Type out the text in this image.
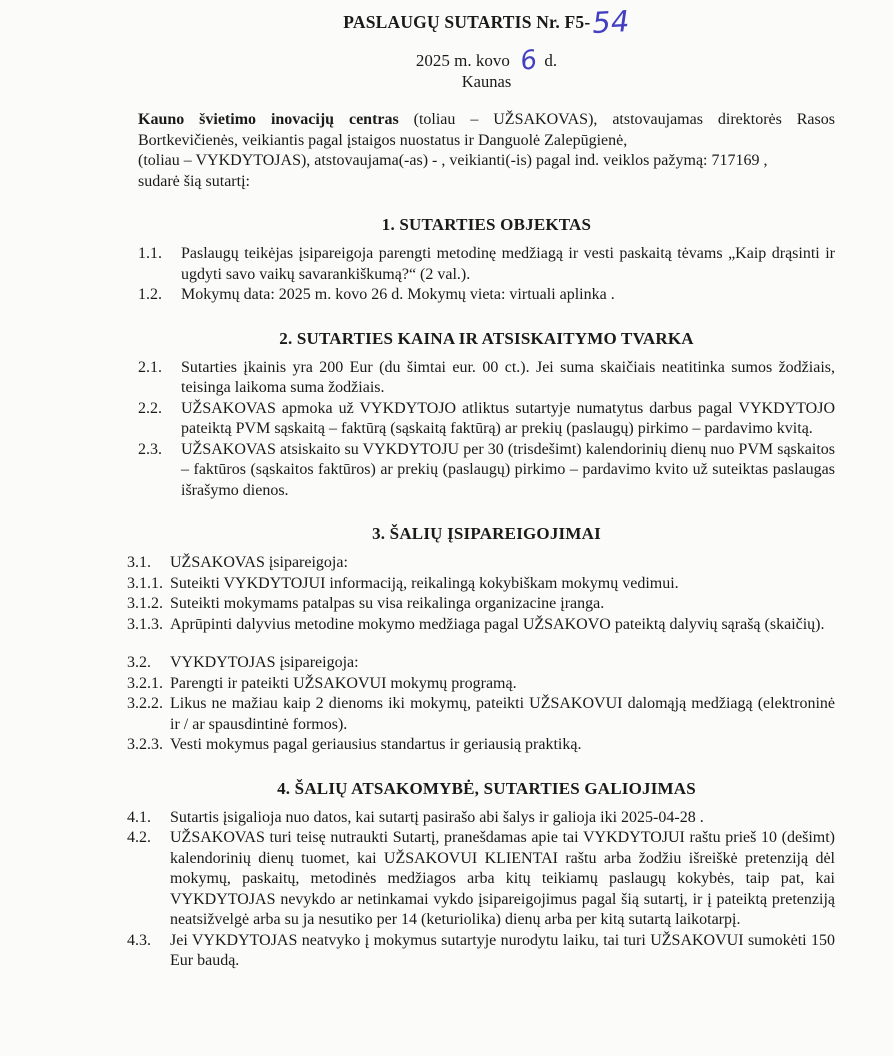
PASLAUGŲ SUTARTIS Nr. F5-54
2025 m. kovo 6 d.
Kaunas
Kauno švietimo inovacijų centras (toliau – UŽSAKOVAS), atstovaujamas direktorės Rasos Bortkevičienės, veikiantis pagal įstaigos nuostatus ir Danguolė Zalepūgienė,
(toliau – VYKDYTOJAS), atstovaujama(-as) - , veikianti(-is) pagal ind. veiklos pažymą: 717169 ,
sudarė šią sutartį:
1. SUTARTIES OBJEKTAS
1.1.	Paslaugų teikėjas įsipareigoja parengti metodinę medžiagą ir vesti paskaitą tėvams „Kaip drąsinti ir ugdyti savo vaikų savarankiškumą?“ (2 val.).
1.2.	Mokymų data: 2025 m. kovo 26 d. Mokymų vieta: virtuali aplinka .
2. SUTARTIES KAINA IR ATSISKAITYMO TVARKA
2.1.	Sutarties įkainis yra 200 Eur (du šimtai eur. 00 ct.). Jei suma skaičiais neatitinka sumos žodžiais, teisinga laikoma suma žodžiais.
2.2.	UŽSAKOVAS apmoka už VYKDYTOJO atliktus sutartyje numatytus darbus pagal VYKDYTOJO pateiktą PVM sąskaitą – faktūrą (sąskaitą faktūrą) ar prekių (paslaugų) pirkimo – pardavimo kvitą.
2.3.	UŽSAKOVAS atsiskaito su VYKDYTOJU per 30 (trisdešimt) kalendorinių dienų nuo PVM sąskaitos – faktūros (sąskaitos faktūros) ar prekių (paslaugų) pirkimo – pardavimo kvito už suteiktas paslaugas išrašymo dienos.
3. ŠALIŲ ĮSIPAREIGOJIMAI
3.1.	UŽSAKOVAS įsipareigoja:
3.1.1. Suteikti VYKDYTOJUI informaciją, reikalingą kokybiškam mokymų vedimui.
3.1.2. Suteikti mokymams patalpas su visa reikalinga organizacine įranga.
3.1.3. Aprūpinti dalyvius metodine mokymo medžiaga pagal UŽSAKOVO pateiktą dalyvių sąrašą (skaičių).
3.2.	VYKDYTOJAS įsipareigoja:
3.2.1. Parengti ir pateikti UŽSAKOVUI mokymų programą.
3.2.2. Likus ne mažiau kaip 2 dienoms iki mokymų, pateikti UŽSAKOVUI dalomąją medžiagą (elektroninė ir / ar spausdintinė formos).
3.2.3. Vesti mokymus pagal geriausius standartus ir geriausią praktiką.
4. ŠALIŲ ATSAKOMYBĖ, SUTARTIES GALIOJIMAS
4.1.	Sutartis įsigalioja nuo datos, kai sutartį pasirašo abi šalys ir galioja iki 2025-04-28 .
4.2.	UŽSAKOVAS turi teisę nutraukti Sutartį, pranešdamas apie tai VYKDYTOJUI raštu prieš 10 (dešimt) kalendorinių dienų tuomet, kai UŽSAKOVUI KLIENTAI raštu arba žodžiu išreiškė pretenziją dėl mokymų, paskaitų, metodinės medžiagos arba kitų teikiamų paslaugų kokybės, taip pat, kai VYKDYTOJAS nevykdo ar netinkamai vykdo įsipareigojimus pagal šią sutartį, ir į pateiktą pretenziją neatsižvelgė arba su ja nesutiko per 14 (keturiolika) dienų arba per kitą sutartą laikotarpį.
4.3.	Jei VYKDYTOJAS neatvyko į mokymus sutartyje nurodytu laiku, tai turi UŽSAKOVUI sumokėti 150 Eur baudą.
